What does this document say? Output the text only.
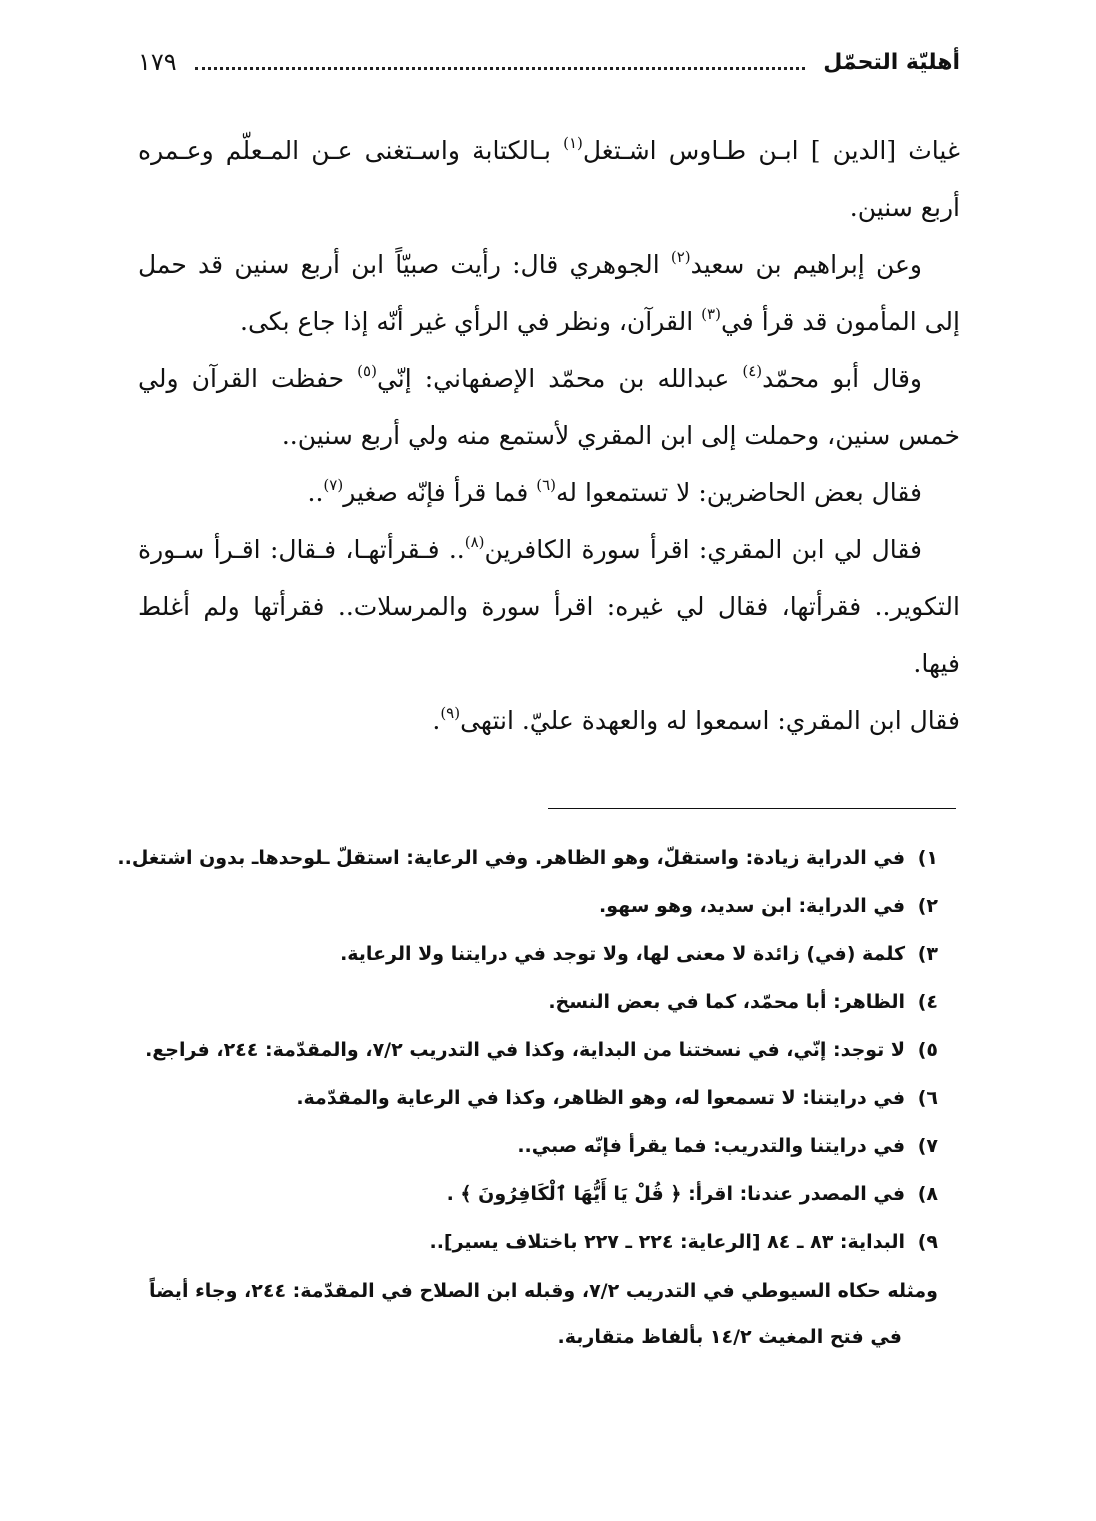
أهليّة التحمّل
١٧٩

غياث [الدين ] ابـن طـاوس اشـتغل$^{(١)}$ بـالكتابة واسـتغنى عـن المـعلّم وعـمره أربع سنين.

وعن إبراهيم بن سعيد$^{(٢)}$ الجوهري قال: رأيت صبيّاً ابن أربع سنين قد حمل إلى المأمون قد قرأ في$^{(٣)}$ القرآن، ونظر في الرأي غير أنّه إذا جاع بكى.

وقال أبو محمّد$^{(٤)}$ عبدالله بن محمّد الإصفهاني: إنّي$^{(٥)}$ حفظت القرآن ولي خمس سنين، وحملت إلى ابن المقري لأستمع منه ولي أربع سنين..

فقال بعض الحاضرين: لا تستمعوا له$^{(٦)}$ فما قرأ فإنّه صغير$^{(٧)}$..

فقال لي ابن المقري: اقرأ سورة الكافرين$^{(٨)}$.. فـقرأتهـا، فـقال: اقـرأ سـورة التكوير.. فقرأتها، فقال لي غيره: اقرأ سورة والمرسلات.. فقرأتها ولم أغلط فيها.

فقال ابن المقري: اسمعوا له والعهدة عليّ. انتهى$^{(٩)}$.

١) في الدراية زيادة: واستقلّ، وهو الظاهر. وفي الرعاية: استقلّ ـلوحدهاـ بدون اشتغل..
٢) في الدراية: ابن سديد، وهو سهو.
٣) كلمة (في) زائدة لا معنى لها، ولا توجد في درايتنا ولا الرعاية.
٤) الظاهر: أبا محمّد، كما في بعض النسخ.
٥) لا توجد: إنّي، في نسختنا من البداية، وكذا في التدريب ٧/٢، والمقدّمة: ٢٤٤، فراجع.
٦) في درايتنا: لا تسمعوا له، وهو الظاهر، وكذا في الرعاية والمقدّمة.
٧) في درايتنا والتدريب: فما يقرأ فإنّه صبي..
٨) في المصدر عندنا: اقرأ: ﴿ قُلْ يَا أَيُّهَا ٱلْكَافِرُونَ ﴾ .
٩) البداية: ٨٣ ـ ٨٤ [الرعاية: ٢٢٤ ـ ٢٢٧ باختلاف يسير]..
ومثله حكاه السيوطي في التدريب ٧/٢، وقبله ابن الصلاح في المقدّمة: ٢٤٤، وجاء أيضاً
في فتح المغيث ١٤/٢ بألفاظ متقاربة.
